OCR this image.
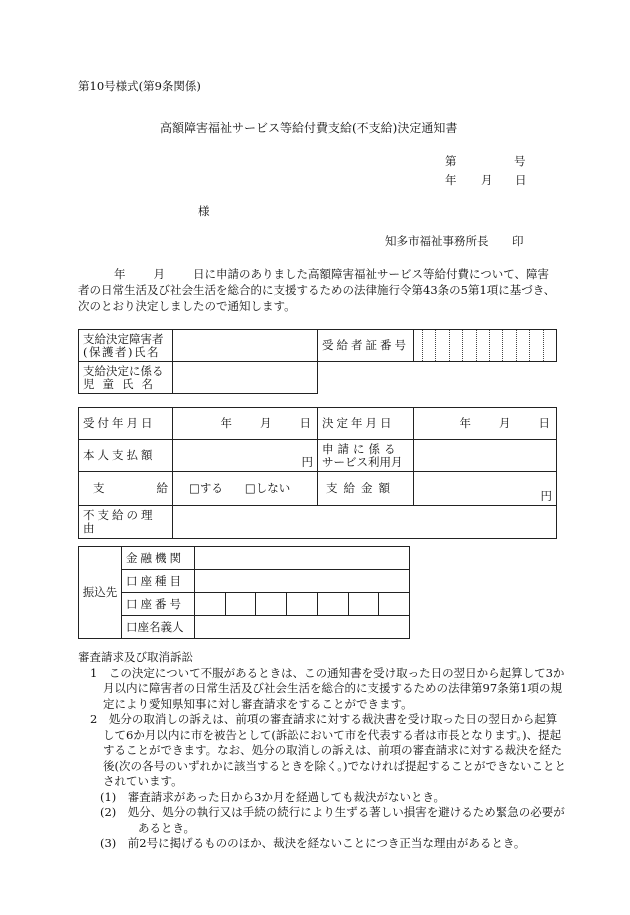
第10号様式(第9条関係)
高額障害福祉サービス等給付費支給(不支給)決定通知書
第	号
年 月 日
様
知多市福祉事務所長 印
年 月 日に申請のありました高額障害福祉サービス等給付費について、障害者の日常生活及び社会生活を総合的に支援するための法律施行令第43条の5第1項に基づき、次のとおり決定しましたので通知します。
支給決定障害者
(保護者)氏名		受給者証番号	

支給決定に係る
児童氏名			

受付年月日	年 月 日	決定年月日	年 月 日

本人支払額	円	申請に係る
サービス利用月	

支 給	□する □しない	支給金額	円
不支給の理由			
振込先	金融機関							
	口座種目							
	口座番号							
	口座名義人							
審査請求及び取消訴訟
1　この決定について不服があるときは、この通知書を受け取った日の翌日から起算して3か月以内に障害者の日常生活及び社会生活を総合的に支援するための法律第97条第1項の規定により愛知県知事に対し審査請求をすることができます。
2　処分の取消しの訴えは、前項の審査請求に対する裁決書を受け取った日の翌日から起算して6か月以内に市を被告として(訴訟において市を代表する者は市長となります。)、提起することができます。なお、処分の取消しの訴えは、前項の審査請求に対する裁決を経た後(次の各号のいずれかに該当するときを除く。)でなければ提起することができないこととされています。
(1)　審査請求があった日から3か月を経過しても裁決がないとき。
(2)　処分、処分の執行又は手続の続行により生ずる著しい損害を避けるため緊急の必要があるとき。
(3)　前2号に掲げるもののほか、裁決を経ないことにつき正当な理由があるとき。
